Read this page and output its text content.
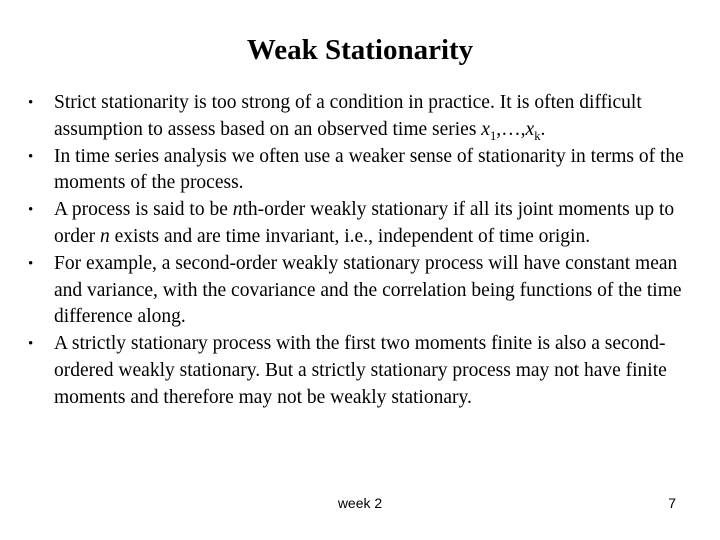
Weak Stationarity
• Strict stationarity is too strong of a condition in practice. It is often difficult assumption to assess based on an observed time series $x_1,\dots,x_k$.
• In time series analysis we often use a weaker sense of stationarity in terms of the moments of the process.
• A process is said to be nth-order weakly stationary if all its joint moments up to order n exists and are time invariant, i.e., independent of time origin.
• For example, a second-order weakly stationary process will have constant mean and variance, with the covariance and the correlation being functions of the time difference along.
• A strictly stationary process with the first two moments finite is also a second-ordered weakly stationary. But a strictly stationary process may not have finite moments and therefore may not be weakly stationary.
week 2	7
